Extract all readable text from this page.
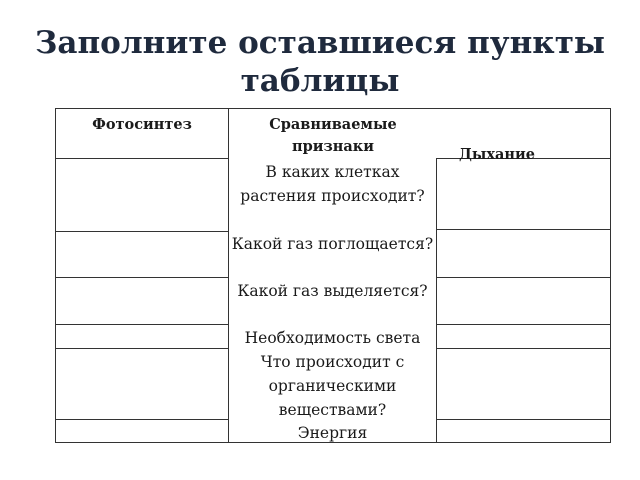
Заполните оставшиеся пункты таблицы
Фотосинтез	Сравниваемые признаки	Дыхание
В каких клетках растения происходит?
Какой газ поглощается?
Какой газ выделяется?
Необходимость света
Что происходит с органическими веществами?
Энергия
